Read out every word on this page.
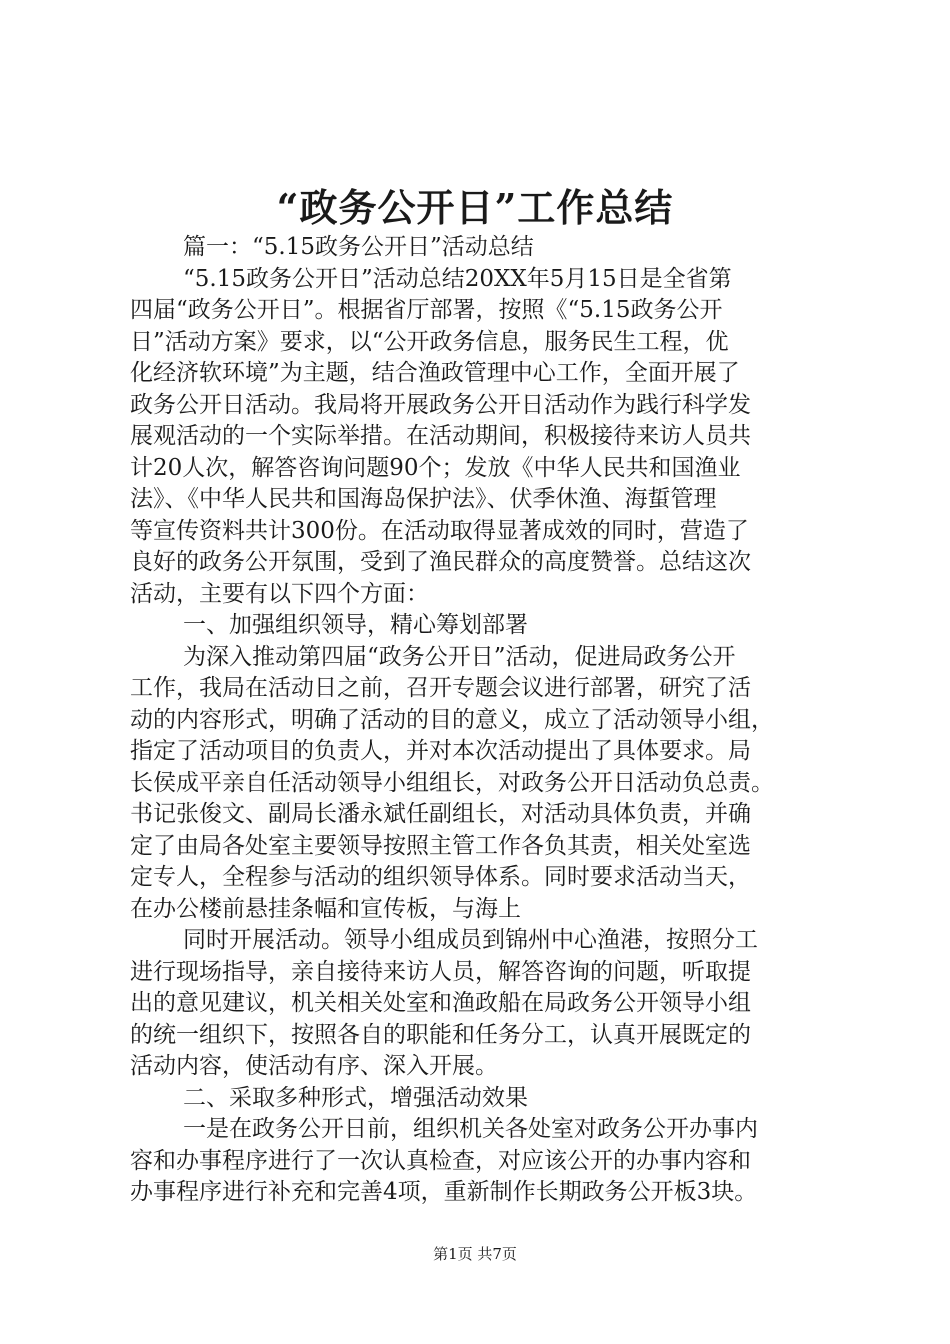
“政务公开日”工作总结

篇一：“5.15政务公开日”活动总结

“5.15政务公开日”活动总结20XX年5月15日是全省第

四届“政务公开日”。根据省厅部署，按照《“5.15政务公开

日”活动方案》要求，以“公开政务信息，服务民生工程，优

化经济软环境”为主题，结合渔政管理中心工作，全面开展了

政务公开日活动。我局将开展政务公开日活动作为践行科学发

展观活动的一个实际举措。在活动期间，积极接待来访人员共

计20人次，解答咨询问题90个；发放《中华人民共和国渔业

法》、《中华人民共和国海岛保护法》、伏季休渔、海蜇管理

等宣传资料共计300份。在活动取得显著成效的同时，营造了

良好的政务公开氛围，受到了渔民群众的高度赞誉。总结这次

活动，主要有以下四个方面：

一、加强组织领导，精心筹划部署

为深入推动第四届“政务公开日”活动，促进局政务公开

工作，我局在活动日之前，召开专题会议进行部署，研究了活

动的内容形式，明确了活动的目的意义，成立了活动领导小组，

指定了活动项目的负责人，并对本次活动提出了具体要求。局

长侯成平亲自任活动领导小组组长，对政务公开日活动负总责。

书记张俊文、副局长潘永斌任副组长，对活动具体负责，并确

定了由局各处室主要领导按照主管工作各负其责，相关处室选

定专人，全程参与活动的组织领导体系。同时要求活动当天，

在办公楼前悬挂条幅和宣传板，与海上

同时开展活动。领导小组成员到锦州中心渔港，按照分工

进行现场指导，亲自接待来访人员，解答咨询的问题，听取提

出的意见建议，机关相关处室和渔政船在局政务公开领导小组

的统一组织下，按照各自的职能和任务分工，认真开展既定的

活动内容，使活动有序、深入开展。

二、采取多种形式，增强活动效果

一是在政务公开日前，组织机关各处室对政务公开办事内

容和办事程序进行了一次认真检查，对应该公开的办事内容和

办事程序进行补充和完善4项，重新制作长期政务公开板3块。

第1页 共7页
